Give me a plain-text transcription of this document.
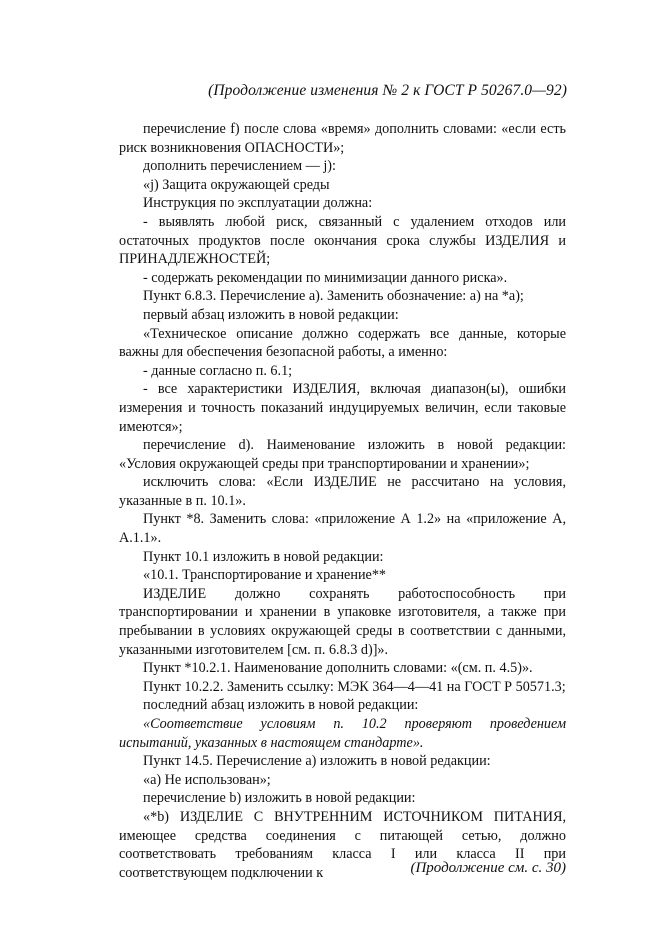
(Продолжение изменения № 2 к ГОСТ Р 50267.0—92)

перечисление f) после слова «время» дополнить словами: «если есть риск возникновения ОПАСНОСТИ»;

дополнить перечислением — j):

«j) Защита окружающей среды

Инструкция по эксплуатации должна:

- выявлять любой риск, связанный с удалением отходов или остаточных продуктов после окончания срока службы ИЗДЕЛИЯ и ПРИНАДЛЕЖНОСТЕЙ;

- содержать рекомендации по минимизации данного риска».

Пункт 6.8.3. Перечисление а). Заменить обозначение: а) на *а);

первый абзац изложить в новой редакции:

«Техническое описание должно содержать все данные, которые важны для обеспечения безопасной работы, а именно:

- данные согласно п. 6.1;

- все характеристики ИЗДЕЛИЯ, включая диапазон(ы), ошибки измерения и точность показаний индуцируемых величин, если таковые имеются»;

перечисление d). Наименование изложить в новой редакции: «Условия окружающей среды при транспортировании и хранении»;

исключить слова: «Если ИЗДЕЛИЕ не рассчитано на условия, указанные в п. 10.1».

Пункт *8. Заменить слова: «приложение А 1.2» на «приложение А, А.1.1».

Пункт 10.1 изложить в новой редакции:

«10.1. Транспортирование и хранение**

ИЗДЕЛИЕ должно сохранять работоспособность при транспортировании и хранении в упаковке изготовителя, а также при пребывании в условиях окружающей среды в соответствии с данными, указанными изготовителем [см. п. 6.8.3 d)]».

Пункт *10.2.1. Наименование дополнить словами: «(см. п. 4.5)».

Пункт 10.2.2. Заменить ссылку: МЭК 364—4—41 на ГОСТ Р 50571.3;

последний абзац изложить в новой редакции:

«Соответствие условиям п. 10.2 проверяют проведением испытаний, указанных в настоящем стандарте».

Пункт 14.5. Перечисление а) изложить в новой редакции:

«а) Не использован»;

перечисление b) изложить в новой редакции:

«*b) ИЗДЕЛИЕ С ВНУТРЕННИМ ИСТОЧНИКОМ ПИТАНИЯ, имеющее средства соединения с питающей сетью, должно соответствовать требованиям класса I или класса II при соответствующем подключении к	(Продолжение см. с. 30)
